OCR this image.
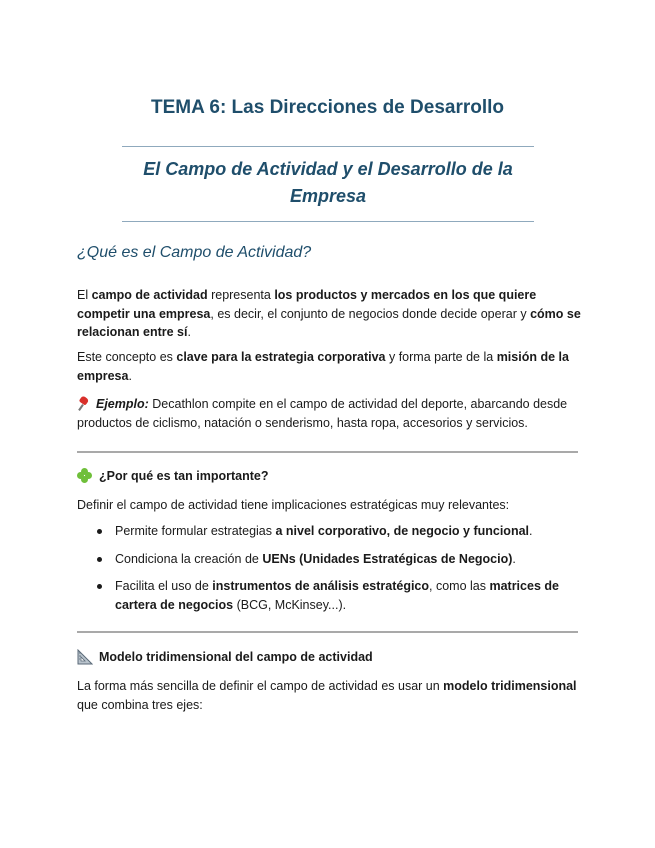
TEMA 6: Las Direcciones de Desarrollo
El Campo de Actividad y el Desarrollo de la Empresa
¿Qué es el Campo de Actividad?
El campo de actividad representa los productos y mercados en los que quiere competir una empresa, es decir, el conjunto de negocios donde decide operar y cómo se relacionan entre sí.
Este concepto es clave para la estrategia corporativa y forma parte de la misión de la empresa.
Ejemplo: Decathlon compite en el campo de actividad del deporte, abarcando desde productos de ciclismo, natación o senderismo, hasta ropa, accesorios y servicios.
¿Por qué es tan importante?
Definir el campo de actividad tiene implicaciones estratégicas muy relevantes:
Permite formular estrategias a nivel corporativo, de negocio y funcional.
Condiciona la creación de UENs (Unidades Estratégicas de Negocio).
Facilita el uso de instrumentos de análisis estratégico, como las matrices de cartera de negocios (BCG, McKinsey...).
Modelo tridimensional del campo de actividad
La forma más sencilla de definir el campo de actividad es usar un modelo tridimensional que combina tres ejes:
